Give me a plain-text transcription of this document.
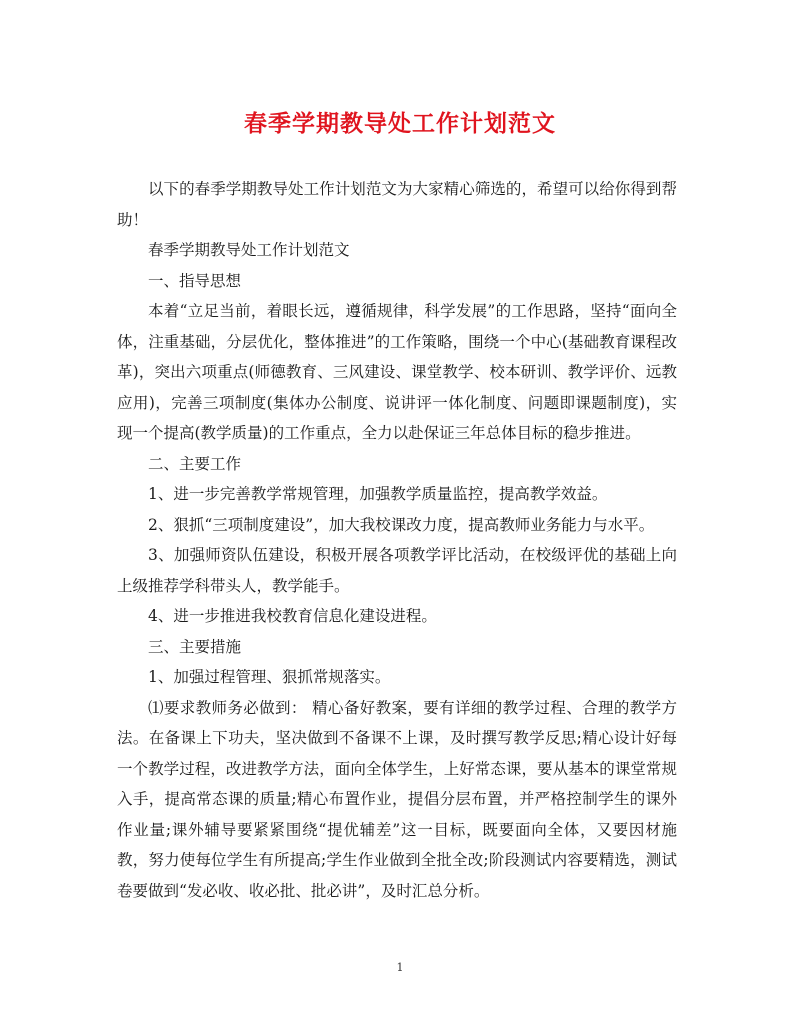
春季学期教导处工作计划范文

以下的春季学期教导处工作计划范文为大家精心筛选的，希望可以给你得到帮助！

春季学期教导处工作计划范文

一、指导思想

本着“立足当前，着眼长远，遵循规律，科学发展”的工作思路，坚持“面向全体，注重基础，分层优化，整体推进”的工作策略，围绕一个中心(基础教育课程改革)，突出六项重点(师德教育、三风建设、课堂教学、校本研训、教学评价、远教应用)，完善三项制度(集体办公制度、说讲评一体化制度、问题即课题制度)，实现一个提高(教学质量)的工作重点，全力以赴保证三年总体目标的稳步推进。

二、主要工作

1、进一步完善教学常规管理，加强教学质量监控，提高教学效益。

2、狠抓“三项制度建设”，加大我校课改力度，提高教师业务能力与水平。

3、加强师资队伍建设，积极开展各项教学评比活动，在校级评优的基础上向上级推荐学科带头人，教学能手。

4、进一步推进我校教育信息化建设进程。

三、主要措施

1、加强过程管理、狠抓常规落实。

⑴要求教师务必做到： 精心备好教案，要有详细的教学过程、合理的教学方法。在备课上下功夫，坚决做到不备课不上课，及时撰写教学反思;精心设计好每一个教学过程，改进教学方法，面向全体学生，上好常态课，要从基本的课堂常规入手，提高常态课的质量;精心布置作业，提倡分层布置，并严格控制学生的课外作业量;课外辅导要紧紧围绕“提优辅差”这一目标，既要面向全体，又要因材施教，努力使每位学生有所提高;学生作业做到全批全改;阶段测试内容要精选，测试卷要做到“发必收、收必批、批必讲”，及时汇总分析。

1
